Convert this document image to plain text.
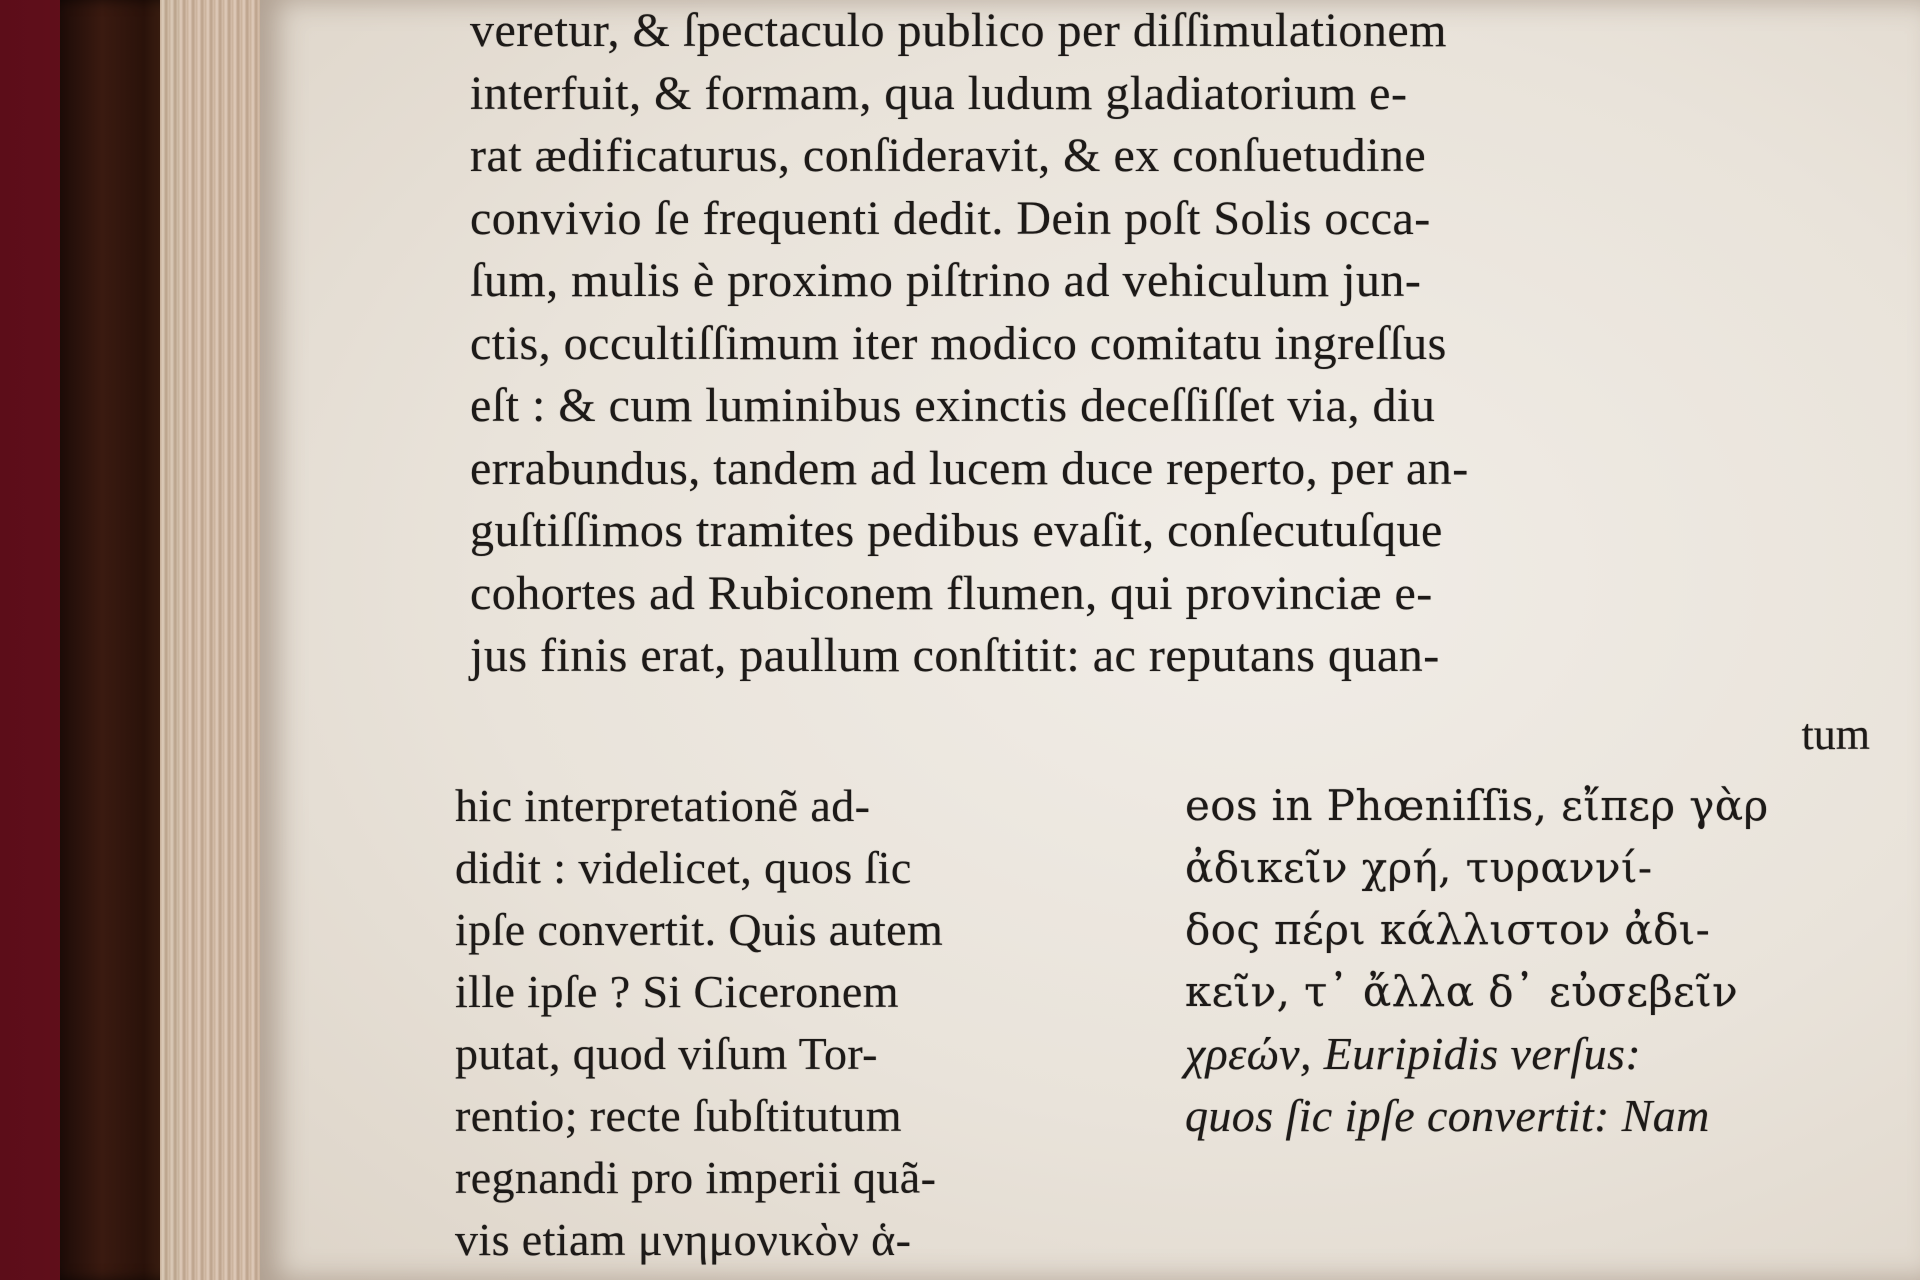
veretur, & ſpectaculo publico per diſſimulationem
interfuit, & formam, qua ludum gladiatorium e-
rat ædificaturus, conſideravit, & ex conſuetudine
convivio ſe frequenti dedit. Dein poſt Solis occa-
ſum, mulis è proximo piſtrino ad vehiculum jun-
ctis, occultiſſimum iter modico comitatu ingreſſus
eſt : & cum luminibus exinctis deceſſiſſet via, diu
errabundus, tandem ad lucem duce reperto, per an-
guſtiſſimos tramites pedibus evaſit, conſecutuſque
cohortes ad Rubiconem flumen, qui provinciæ e-
jus finis erat, paullum conſtitit: ac reputans quan-
tum
hic interpretationẽ ad-
didit : videlicet, quos ſic
ipſe convertit. Quis autem
ille ipſe ? Si Ciceronem
putat, quod viſum Tor-
rentio; recte ſubſtitutum
regnandi pro imperii quã-
vis etiam μνημονικὸν ἁ-
eos in Phœniſſis, εἴπερ γὰρ
ἀδικεῖν χρή, τυραννί-
δος πέρι κάλλιστον ἀδι-
κεῖν, τ᾽ ἄλλα δ᾽ εὐσεβεῖν
χρεών, Euripidis verſus:
quos ſic ipſe convertit: Nam
